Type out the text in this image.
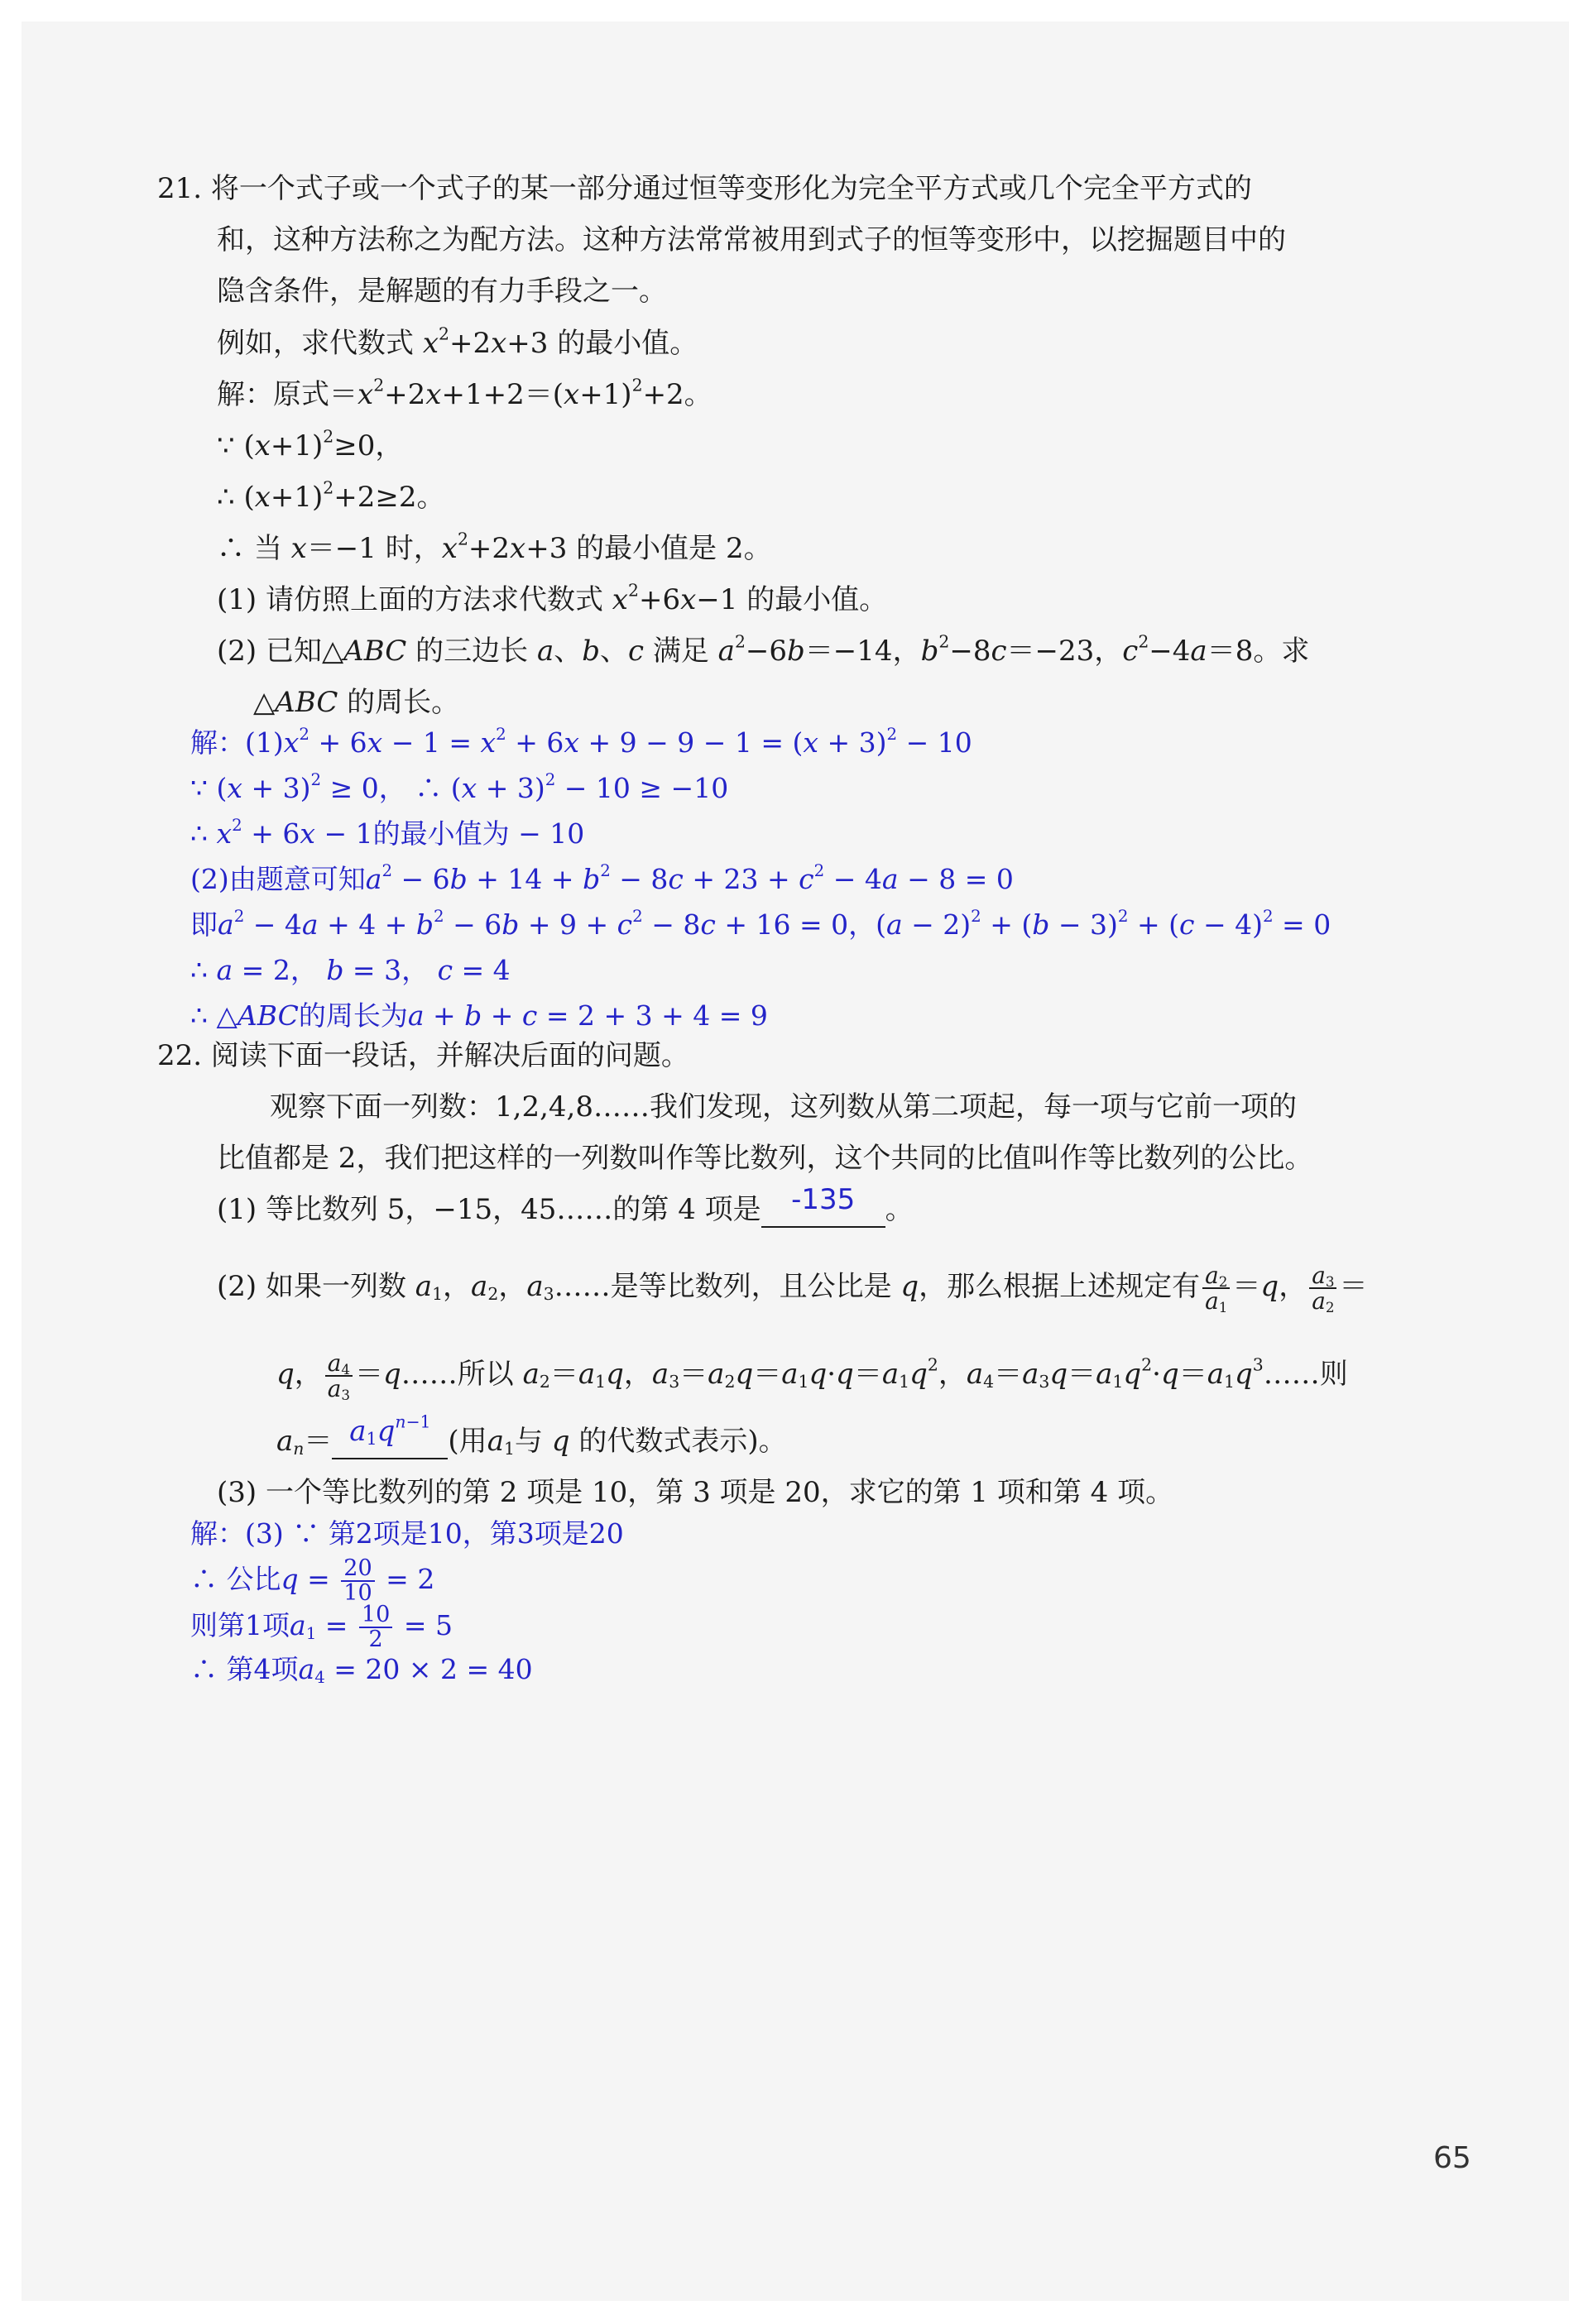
21. 将一个式子或一个式子的某一部分通过恒等变形化为完全平方式或几个完全平方式的
和，这种方法称之为配方法。这种方法常常被用到式子的恒等变形中，以挖掘题目中的
隐含条件，是解题的有力手段之一。
例如，求代数式 $x^2+2x+3$ 的最小值。
解：原式$=x^2+2x+1+2=(x+1)^2+2$。
∵ $(x+1)^2\ge 0$，
∴ $(x+1)^2+2\ge 2$。
∴ 当 x＝−1 时，$x^2+2x+3$ 的最小值是 2。
(1) 请仿照上面的方法求代数式 $x^2+6x-1$ 的最小值。
(2) 已知△ABC 的三边长 a、b、c 满足 $a^2-6b=-14$，$b^2-8c=-23$，$c^2-4a=8$。求
△ABC 的周长。
解：$(1)x^2 + 6x - 1 = x^2 + 6x + 9 - 9 - 1 = (x + 3)^2 - 10$
∵ $(x + 3)^2 \ge 0$， ∴ $(x + 3)^2 - 10 \ge -10$
∴ $x^2 + 6x - 1$的最小值为 − 10
(2)由题意可知$a^2 - 6b + 14 + b^2 - 8c + 23 + c^2 - 4a - 8 = 0$
即$a^2 - 4a + 4 + b^2 - 6b + 9 + c^2 - 8c + 16 = 0$，$(a - 2)^2 + (b - 3)^2 + (c - 4)^2 = 0$
∴ a = 2， b = 3， c = 4
∴ △ABC的周长为a + b + c = 2 + 3 + 4 = 9
22. 阅读下面一段话，并解决后面的问题。
观察下面一列数：1,2,4,8……我们发现，这列数从第二项起，每一项与它前一项的
比值都是 2，我们把这样的一列数叫作等比数列，这个共同的比值叫作等比数列的公比。
(1) 等比数列 5，−15，45……的第 4 项是 -135 。
(2) 如果一列数 $a_1$，$a_2$，$a_3\dots\dots$是等比数列，且公比是 q，那么根据上述规定有 $\frac{a_2}{a_1} =q$， $\frac{a_3}{a_2}$ ＝
q， $\frac{a_4}{a_3}$ ＝q……所以 $a_2=a_1q$，$a_3=a_2q=a_1q\cdot q=a_1q^2$，$a_4=a_3q=a_1q^2\cdot q=a_1q^3\dots\dots$则
$a_n= a_1q^{n-1}$(用$a_1$与 q 的代数式表示)。
(3) 一个等比数列的第 2 项是 10，第 3 项是 20，求它的第 1 项和第 4 项。
解：(3) ∵ 第2项是10，第3项是20
∴ 公比$q = \frac{20}{10} = 2$
则第1项$a_1 = \frac{10}{2} = 5$
∴ 第4项$a_4 = 20 \times 2 = 40$
65
